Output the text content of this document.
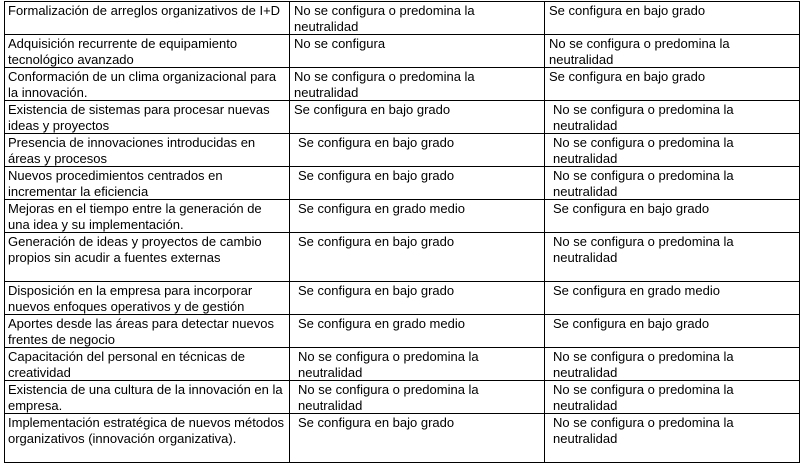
Formalización de arreglos organizativos de I+D	No se configura o predomina la neutralidad	Se configura en bajo grado
Adquisición recurrente de equipamiento tecnológico avanzado	No se configura	No se configura o predomina la neutralidad
Conformación de un clima organizacional para la innovación.	No se configura o predomina la neutralidad	Se configura en bajo grado
Existencia de sistemas para procesar nuevas ideas y proyectos	Se configura en bajo grado	No se configura o predomina la neutralidad
Presencia de innovaciones introducidas en áreas y procesos	Se configura en bajo grado	No se configura o predomina la neutralidad
Nuevos procedimientos centrados en incrementar la eficiencia	Se configura en bajo grado	No se configura o predomina la neutralidad
Mejoras en el tiempo entre la generación de una idea y su implementación.	Se configura en grado medio	Se configura en bajo grado
Generación de ideas y proyectos de cambio propios sin acudir a fuentes externas	Se configura en bajo grado	No se configura o predomina la neutralidad
Disposición en la empresa para incorporar nuevos enfoques operativos y de gestión	Se configura en bajo grado	Se configura en grado medio
Aportes desde las áreas para detectar nuevos frentes de negocio	Se configura en grado medio	Se configura en bajo grado
Capacitación del personal en técnicas de creatividad	No se configura o predomina la neutralidad	No se configura o predomina la neutralidad
Existencia de una cultura de la innovación en la empresa.	No se configura o predomina la neutralidad	No se configura o predomina la neutralidad
Implementación estratégica de nuevos métodos organizativos (innovación organizativa).	Se configura en bajo grado	No se configura o predomina la neutralidad
